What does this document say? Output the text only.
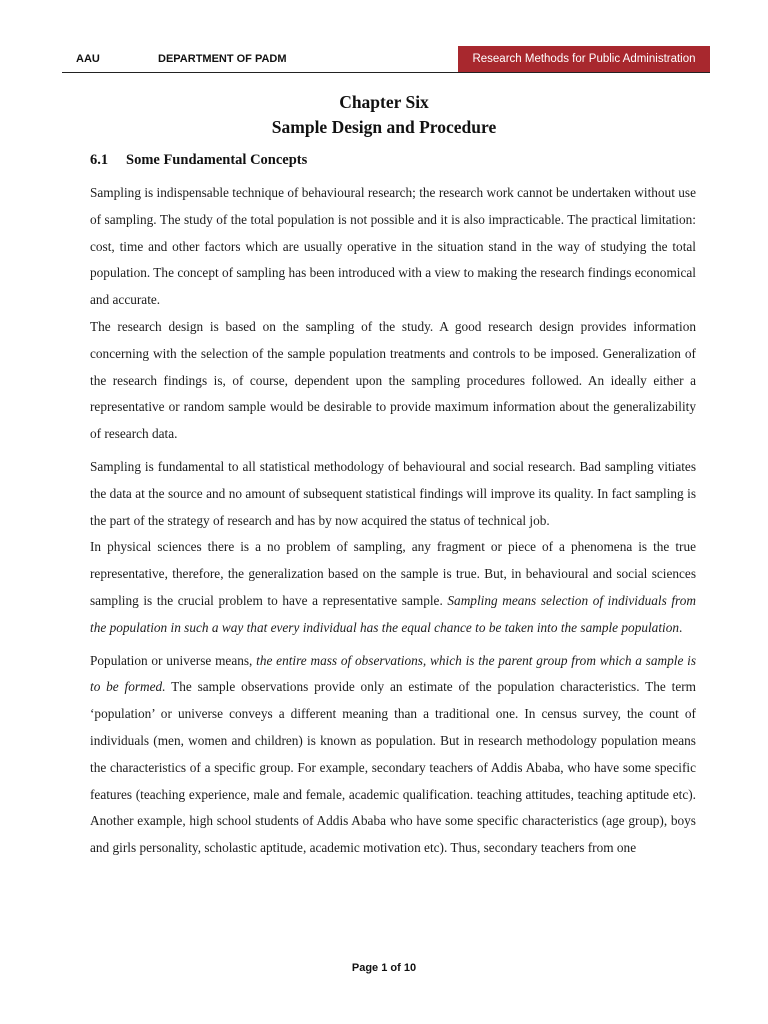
AAU	DEPARTMENT OF PADM	Research Methods for Public Administration
Chapter Six
Sample Design and Procedure
6.1 Some Fundamental Concepts

Sampling is indispensable technique of behavioural research; the research work cannot be undertaken without use of sampling. The study of the total population is not possible and it is also impracticable. The practical limitation: cost, time and other factors which are usually operative in the situation stand in the way of studying the total population. The concept of sampling has been introduced with a view to making the research findings economical and accurate.

The research design is based on the sampling of the study. A good research design provides information concerning with the selection of the sample population treatments and controls to be imposed. Generalization of the research findings is, of course, dependent upon the sampling procedures followed. An ideally either a representative or random sample would be desirable to provide maximum information about the generalizability of research data.

Sampling is fundamental to all statistical methodology of behavioural and social research. Bad sampling vitiates the data at the source and no amount of subsequent statistical findings will improve its quality. In fact sampling is the part of the strategy of research and has by now acquired the status of technical job.

In physical sciences there is a no problem of sampling, any fragment or piece of a phenomena is the true representative, therefore, the generalization based on the sample is true. But, in behavioural and social sciences sampling is the crucial problem to have a representative sample. Sampling means selection of individuals from the population in such a way that every individual has the equal chance to be taken into the sample population.

Population or universe means, the entire mass of observations, which is the parent group from which a sample is to be formed. The sample observations provide only an estimate of the population characteristics. The term ‘population’ or universe conveys a different meaning than a traditional one. In census survey, the count of individuals (men, women and children) is known as population. But in research methodology population means the characteristics of a specific group. For example, secondary teachers of Addis Ababa, who have some specific features (teaching experience, male and female, academic qualification. teaching attitudes, teaching aptitude etc). Another example, high school students of Addis Ababa who have some specific characteristics (age group), boys and girls personality, scholastic aptitude, academic motivation etc). Thus, secondary teachers from one

Page 1 of 10
